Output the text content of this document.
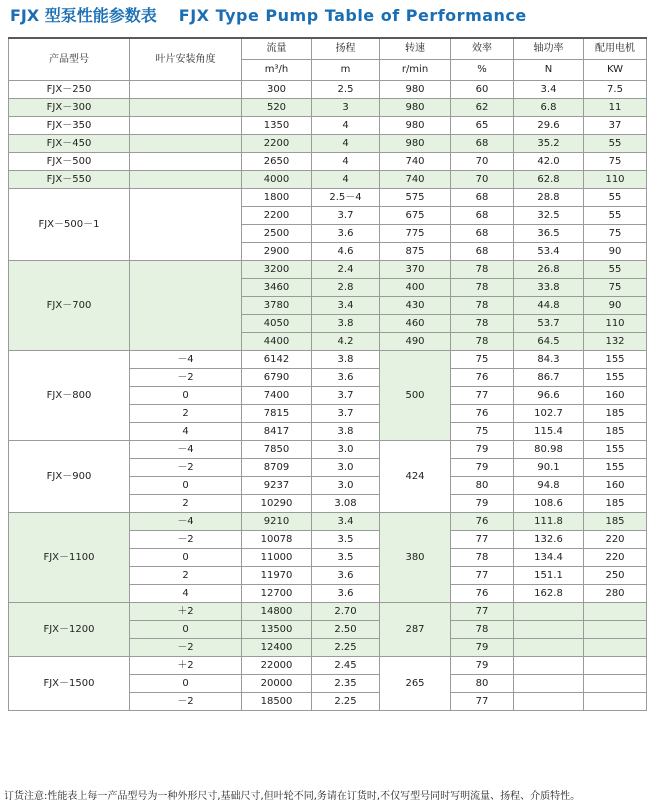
FJX 型泵性能参数表 FJX Type Pump Table of Performance
产品型号	叶片安装角度	流量	扬程	转速	效率	轴功率	配用电机
		m³/h	m	r/min	%	N	KW
FJX－250		300	2.5	980	60	3.4	7.5
FJX－300		520	3	980	62	6.8	11
FJX－350		1350	4	980	65	29.6	37
FJX－450		2200	4	980	68	35.2	55
FJX－500		2650	4	740	70	42.0	75
FJX－550		4000	4	740	70	62.8	110
FJX－500－1		1800	2.5－4	575	68	28.8	55
		2200	3.7	675	68	32.5	55
		2500	3.6	775	68	36.5	75
		2900	4.6	875	68	53.4	90
FJX－700		3200	2.4	370	78	26.8	55
		3460	2.8	400	78	33.8	75
		3780	3.4	430	78	44.8	90
		4050	3.8	460	78	53.7	110
		4400	4.2	490	78	64.5	132
FJX－800	－4	6142	3.8	500	75	84.3	155
	－2	6790	3.6		76	86.7	155
	0	7400	3.7		77	96.6	160
	2	7815	3.7		76	102.7	185
	4	8417	3.8		75	115.4	185
FJX－900	－4	7850	3.0	424	79	80.98	155
	－2	8709	3.0		79	90.1	155
	0	9237	3.0		80	94.8	160
	2	10290	3.08		79	108.6	185
FJX－1100	－4	9210	3.4	380	76	111.8	185
	－2	10078	3.5		77	132.6	220
	0	11000	3.5		78	134.4	220
	2	11970	3.6		77	151.1	250
	4	12700	3.6		76	162.8	280
FJX－1200	＋2	14800	2.70	287	77		
	0	13500	2.50		78		
	－2	12400	2.25		79		
FJX－1500	＋2	22000	2.45	265	79		
	0	20000	2.35		80		
	－2	18500	2.25		77		
订货注意:性能表上每一产品型号为一种外形尺寸,基础尺寸,但叶轮不同,务请在订货时,不仅写型号同时写明流量、扬程、介质特性。
